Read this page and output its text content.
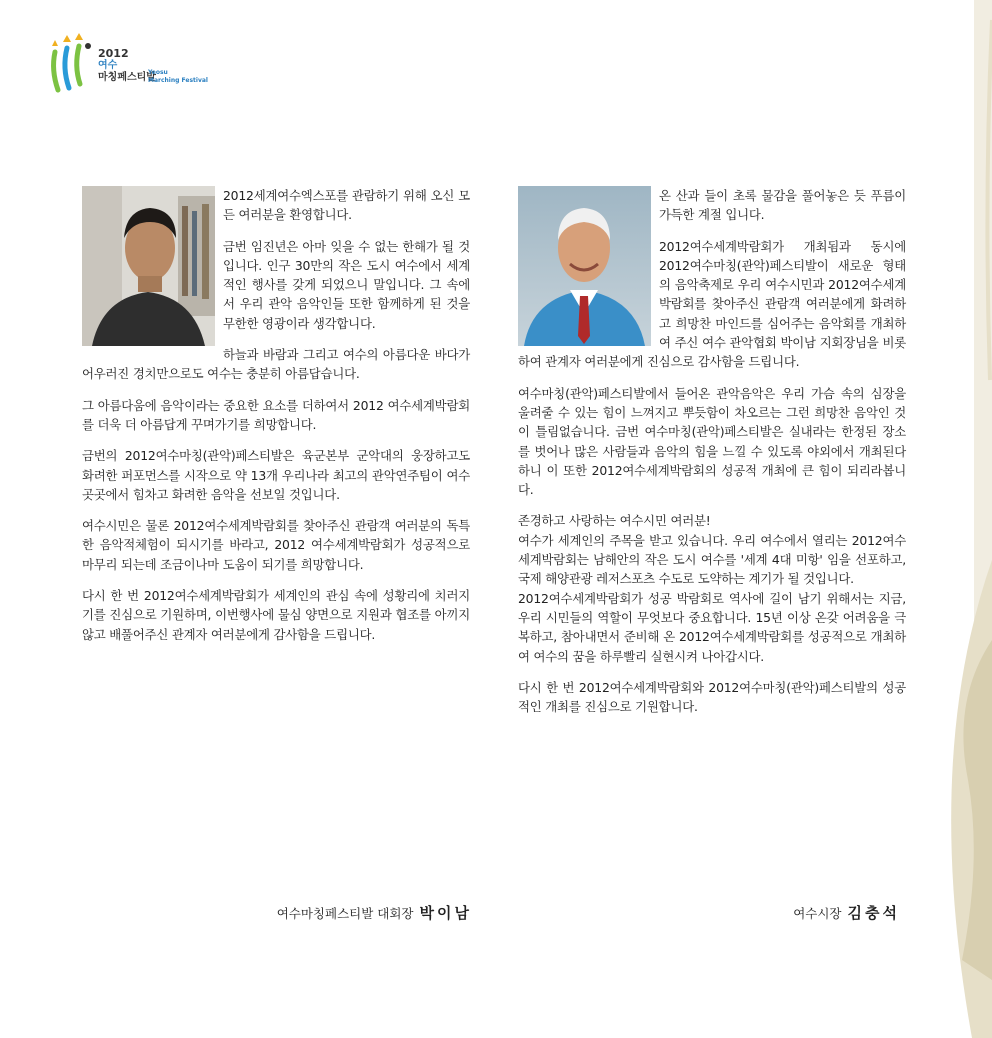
2012
여수
마칭페스티발
Yeosu
Marching Festival

2012세계여수엑스포를 관람하기 위해 오신 모든 여러분을 환영합니다.

금번 임진년은 아마 잊을 수 없는 한해가 될 것입니다. 인구 30만의 작은 도시 여수에서 세계적인 행사를 갖게 되었으니 말입니다. 그 속에서 우리 관악 음악인들 또한 함께하게 된 것을 무한한 영광이라 생각합니다.

하늘과 바람과 그리고 여수의 아름다운 바다가 어우러진 경치만으로도 여수는 충분히 아름답습니다.

그 아름다움에 음악이라는 중요한 요소를 더하여서 2012 여수세계박람회를 더욱 더 아름답게 꾸며가기를 희망합니다.

금번의 2012여수마칭(관악)페스티발은 육군본부 군악대의 웅장하고도 화려한 퍼포먼스를 시작으로 약 13개 우리나라 최고의 관악연주팀이 여수 곳곳에서 힘차고 화려한 음악을 선보일 것입니다.

여수시민은 물론 2012여수세계박람회를 찾아주신 관람객 여러분의 독특한 음악적체험이 되시기를 바라고, 2012 여수세계박람회가 성공적으로 마무리 되는데 조금이나마 도움이 되기를 희망합니다.

다시 한 번 2012여수세계박람회가 세계인의 관심 속에 성황리에 치러지기를 진심으로 기원하며, 이번행사에 물심 양면으로 지원과 협조를 아끼지 않고 배풀어주신 관계자 여러분에게 감사함을 드립니다.

온 산과 들이 초록 물감을 풀어놓은 듯 푸름이 가득한 계절 입니다.

2012여수세계박람회가 개최됨과 동시에 2012여수마칭(관악)페스티발이 새로운 형태의 음악축제로 우리 여수시민과 2012여수세계박람회를 찾아주신 관람객 여러분에게 화려하고 희망찬 마인드를 심어주는 음악회를 개최하여 주신 여수 관악협회 박이남 지회장님을 비롯하여 관계자 여러분에게 진심으로 감사함을 드립니다.

여수마칭(관악)페스티발에서 들어온 관악음악은 우리 가슴 속의 심장을 울려줄 수 있는 힘이 느껴지고 뿌듯함이 차오르는 그런 희망찬 음악인 것이 틀림없습니다. 금번 여수마칭(관악)페스티발은 실내라는 한정된 장소를 벗어나 많은 사람들과 음악의 힘을 느낄 수 있도록 야외에서 개최된다 하니 이 또한 2012여수세계박람회의 성공적 개최에 큰 힘이 되리라봅니다.

존경하고 사랑하는 여수시민 여러분!

여수가 세계인의 주목을 받고 있습니다. 우리 여수에서 열리는 2012여수세계박람회는 남해안의 작은 도시 여수를 '세계 4대 미항' 임을 선포하고, 국제 해양관광 레저스포츠 수도로 도약하는 계기가 될 것입니다.

2012여수세계박람회가 성공 박람회로 역사에 길이 남기 위해서는 지금, 우리 시민들의 역할이 무엇보다 중요합니다. 15년 이상 온갖 어려움을 극복하고, 참아내면서 준비해 온 2012여수세계박람회를 성공적으로 개최하여 여수의 꿈을 하루빨리 실현시켜 나아갑시다.

다시 한 번 2012여수세계박람회와 2012여수마칭(관악)페스티발의 성공적인 개최를 진심으로 기원합니다.

여수마칭페스티발 대회장 박이남	여수시장 김충석
